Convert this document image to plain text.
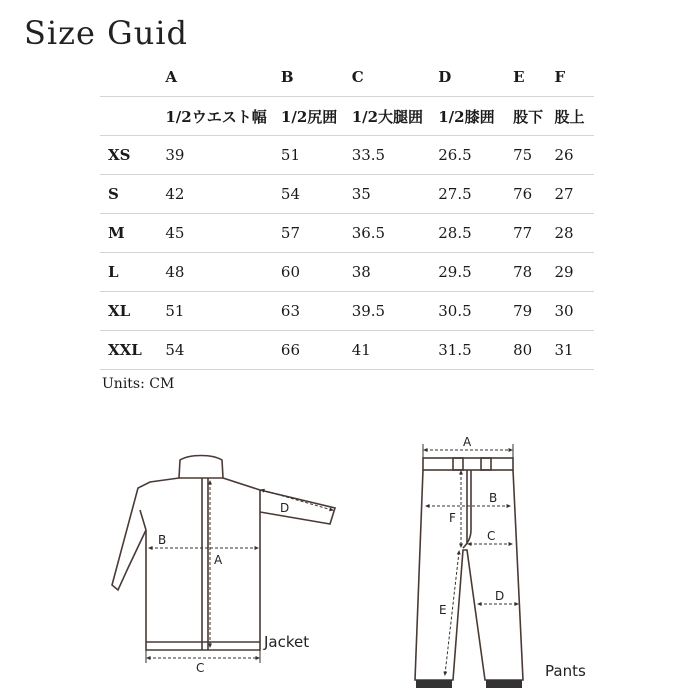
Size Guid
	A	B	C	D	E	F
	1/2ウエスト幅	1/2尻囲	1/2大腿囲	1/2膝囲	股下	股上
XS	39	51	33.5	26.5	75	26
S	42	54	35	27.5	76	27
M	45	57	36.5	28.5	77	28
L	48	60	38	29.5	78	29
XL	51	63	39.5	30.5	79	30
XXL	54	66	41	31.5	80	31
Units: CM
A
B
C
D
Jacket
A
B
C
D
E
F
Pants
